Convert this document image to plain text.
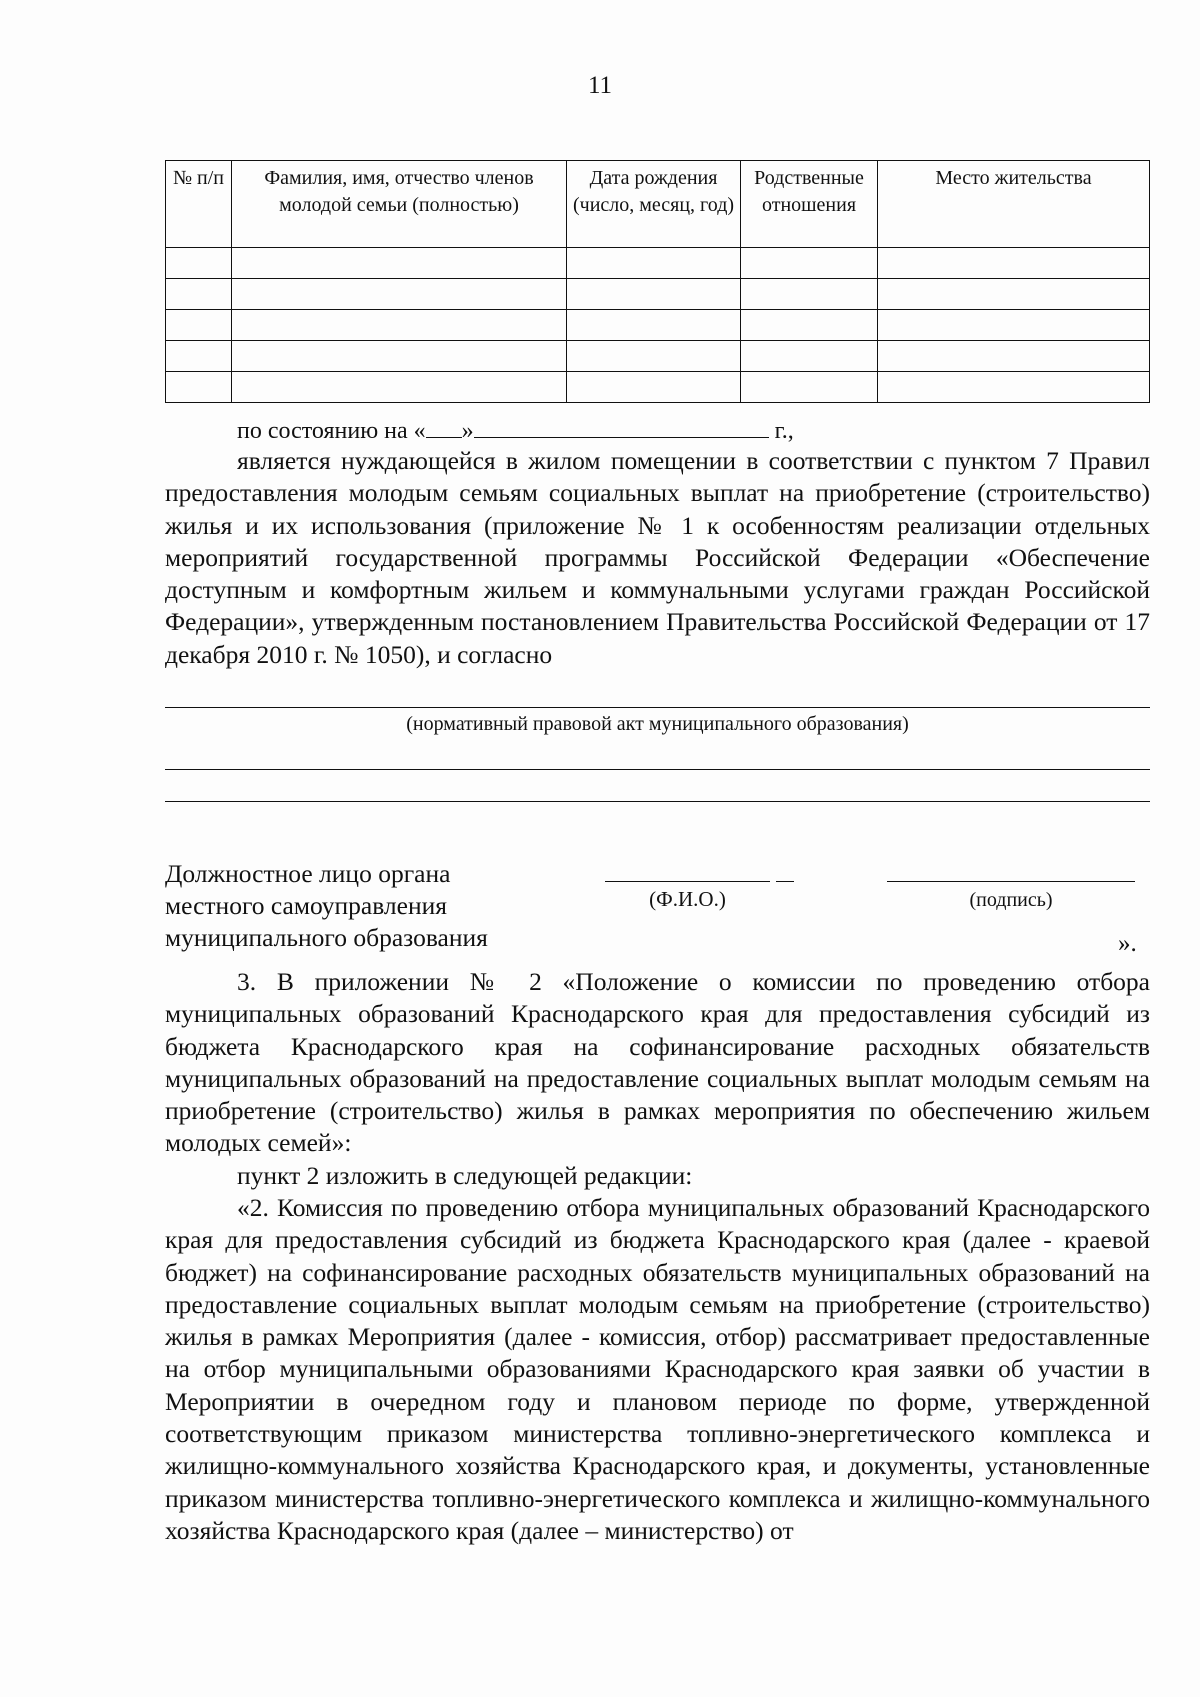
11
№ п/п	Фамилия, имя, отчество членов молодой семьи (полностью)	Дата рождения (число, месяц, год)	Родственные отношения	Место жительства

по состоянию на « »	г.,

является нуждающейся в жилом помещении в соответствии с пунктом 7 Правил предоставления молодым семьям социальных выплат на приобретение (строительство) жилья и их использования (приложение № 1 к особенностям реализации отдельных мероприятий государственной программы Российской Федерации «Обеспечение доступным и комфортным жильем и коммунальными услугами граждан Российской Федерации», утвержденным постановлением Правительства Российской Федерации от 17 декабря 2010 г. № 1050), и согласно

(нормативный правовой акт муниципального образования)

Должностное лицо органа
местного самоуправления
муниципального образования

(Ф.И.О.)	(подпись)
».

3. В приложении № 2 «Положение о комиссии по проведению отбора муниципальных образований Краснодарского края для предоставления субсидий из бюджета Краснодарского края на софинансирование расходных обязательств муниципальных образований на предоставление социальных выплат молодым семьям на приобретение (строительство) жилья в рамках мероприятия по обеспечению жильем молодых семей»:

пункт 2 изложить в следующей редакции:

«2. Комиссия по проведению отбора муниципальных образований Краснодарского края для предоставления субсидий из бюджета Краснодарского края (далее - краевой бюджет) на софинансирование расходных обязательств муниципальных образований на предоставление социальных выплат молодым семьям на приобретение (строительство) жилья в рамках Мероприятия (далее - комиссия, отбор) рассматривает предоставленные на отбор муниципальными образованиями Краснодарского края заявки об участии в Мероприятии в очередном году и плановом периоде по форме, утвержденной соответствующим приказом министерства топливно-энергетического комплекса и жилищно-коммунального хозяйства Краснодарского края, и документы, установленные приказом министерства топливно-энергетического комплекса и жилищно-коммунального хозяйства Краснодарского края (далее – министерство) от
